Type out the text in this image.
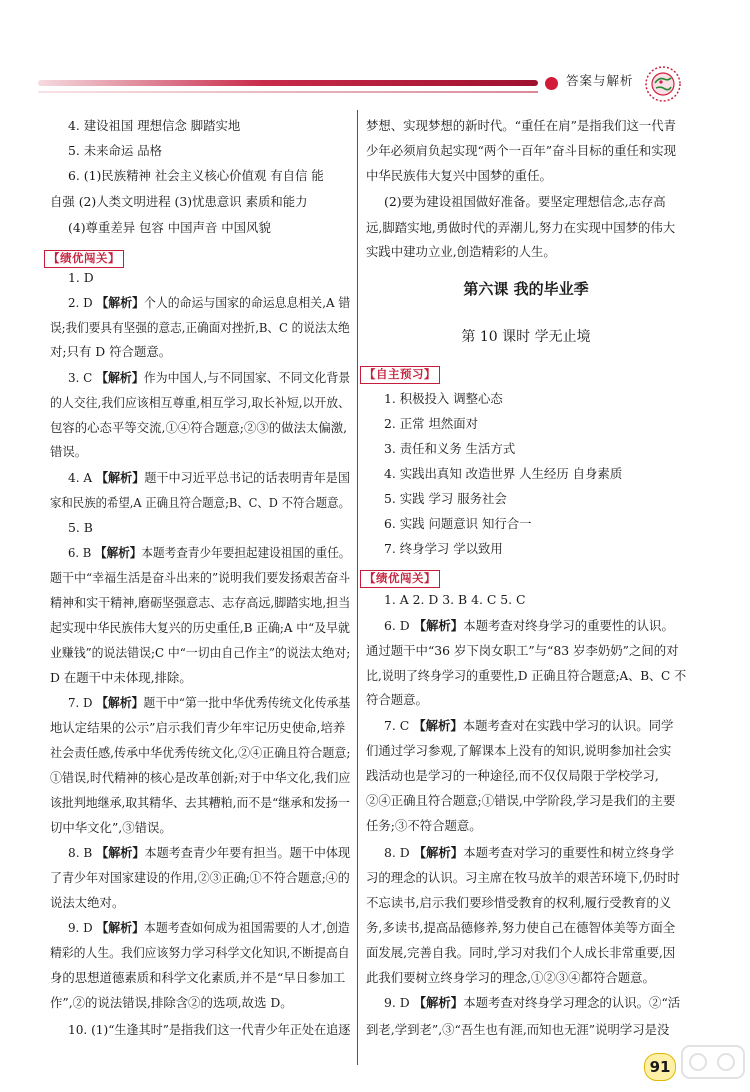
答案与解析
4. 建设祖国 理想信念 脚踏实地
5. 未来命运 品格
6. (1)民族精神 社会主义核心价值观 有自信 能
自强 (2)人类文明进程 (3)忧患意识 素质和能力
(4)尊重差异 包容 中国声音 中国风貌
【绩优闯关】
1. D
2. D 【解析】个人的命运与国家的命运息息相关,A 错
误;我们要具有坚强的意志,正确面对挫折,B、C 的说法太绝
对;只有 D 符合题意。
3. C 【解析】作为中国人,与不同国家、不同文化背景
的人交往,我们应该相互尊重,相互学习,取长补短,以开放、
包容的心态平等交流,①④符合题意;②③的做法太偏激,
错误。
4. A 【解析】题干中习近平总书记的话表明青年是国
家和民族的希望,A 正确且符合题意;B、C、D 不符合题意。
5. B
6. B 【解析】本题考查青少年要担起建设祖国的重任。
题干中“幸福生活是奋斗出来的”说明我们要发扬艰苦奋斗
精神和实干精神,磨砺坚强意志、志存高远,脚踏实地,担当
起实现中华民族伟大复兴的历史重任,B 正确;A 中“及早就
业赚钱”的说法错误;C 中“一切由自己作主”的说法太绝对;
D 在题干中未体现,排除。
7. D 【解析】题干中“第一批中华优秀传统文化传承基
地认定结果的公示”启示我们青少年牢记历史使命,培养
社会责任感,传承中华优秀传统文化,②④正确且符合题意;
①错误,时代精神的核心是改革创新;对于中华文化,我们应
该批判地继承,取其精华、去其糟粕,而不是“继承和发扬一
切中华文化”,③错误。
8. B 【解析】本题考查青少年要有担当。题干中体现
了青少年对国家建设的作用,②③正确;①不符合题意;④的
说法太绝对。
9. D 【解析】本题考查如何成为祖国需要的人才,创造
精彩的人生。我们应该努力学习科学文化知识,不断提高自
身的思想道德素质和科学文化素质,并不是“早日参加工
作”,②的说法错误,排除含②的选项,故选 D。
10. (1)“生逢其时”是指我们这一代青少年正处在追逐
梦想、实现梦想的新时代。“重任在肩”是指我们这一代青
少年必须肩负起实现“两个一百年”奋斗目标的重任和实现
中华民族伟大复兴中国梦的重任。
(2)要为建设祖国做好准备。要坚定理想信念,志存高
远,脚踏实地,勇做时代的弄潮儿,努力在实现中国梦的伟大
实践中建功立业,创造精彩的人生。
第六课 我的毕业季
第 10 课时 学无止境
【自主预习】
1. 积极投入 调整心态
2. 正常 坦然面对
3. 责任和义务 生活方式
4. 实践出真知 改造世界 人生经历 自身素质
5. 实践 学习 服务社会
6. 实践 问题意识 知行合一
7. 终身学习 学以致用
【绩优闯关】
1. A 2. D 3. B 4. C 5. C
6. D 【解析】本题考查对终身学习的重要性的认识。
通过题干中“36 岁下岗女职工”与“83 岁李奶奶”之间的对
比,说明了终身学习的重要性,D 正确且符合题意;A、B、C 不
符合题意。
7. C 【解析】本题考查对在实践中学习的认识。同学
们通过学习参观,了解课本上没有的知识,说明参加社会实
践活动也是学习的一种途径,而不仅仅局限于学校学习,
②④正确且符合题意;①错误,中学阶段,学习是我们的主要
任务;③不符合题意。
8. D 【解析】本题考查对学习的重要性和树立终身学
习的理念的认识。习主席在牧马放羊的艰苦环境下,仍时时
不忘读书,启示我们要珍惜受教育的权利,履行受教育的义
务,多读书,提高品德修养,努力使自己在德智体美等方面全
面发展,完善自我。同时,学习对我们个人成长非常重要,因
此我们要树立终身学习的理念,①②③④都符合题意。
9. D 【解析】本题考查对终身学习理念的认识。②“活
到老,学到老”,③“吾生也有涯,而知也无涯”说明学习是没
91
